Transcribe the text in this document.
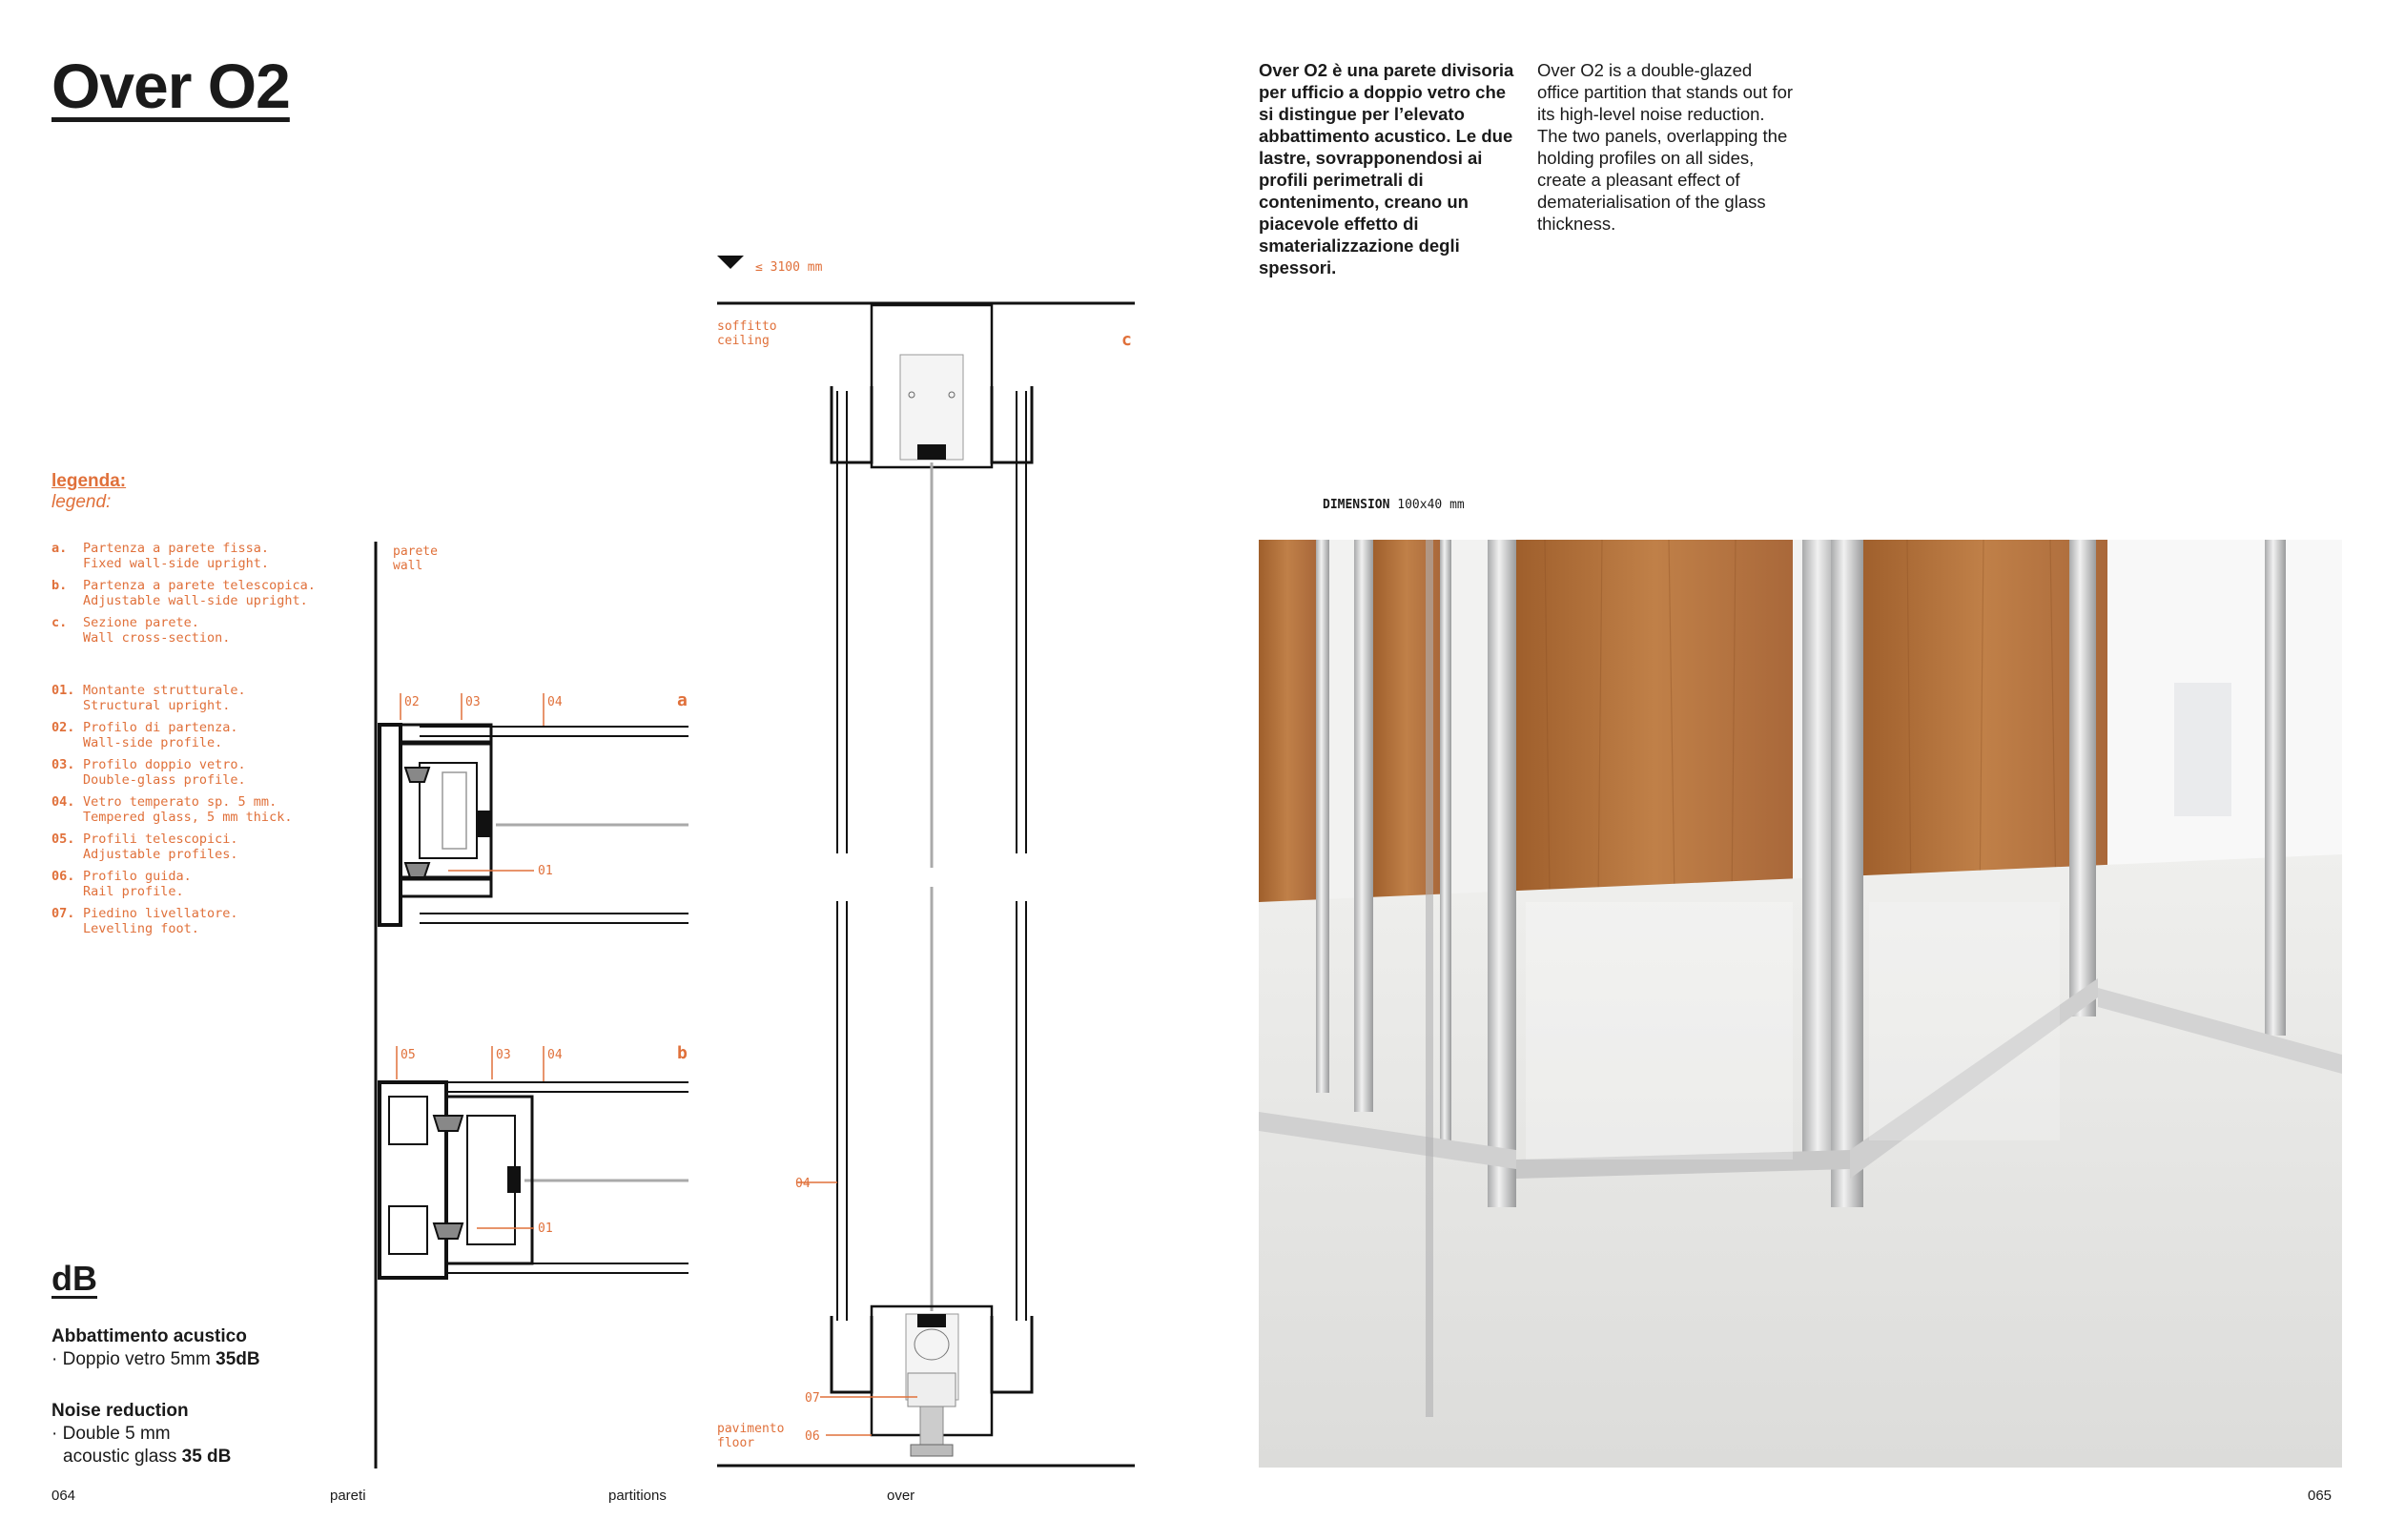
Over O2
legenda:
legend:
a.	Partenza a parete fissa.
Fixed wall-side upright.
b.	Partenza a parete telescopica.
Adjustable wall-side upright.
c.	Sezione parete.
Wall cross-section.
01. Montante strutturale.
Structural upright.
02. Profilo di partenza.
Wall-side profile.
03. Profilo doppio vetro.
Double-glass profile.
04. Vetro temperato sp. 5 mm.
Tempered glass, 5 mm thick.
05. Profili telescopici.
Adjustable profiles.
06. Profilo guida.
Rail profile.
07. Piedino livellatore.
Levelling foot.
dB
Abbattimento acustico
· Doppio vetro 5mm 35dB
Noise reduction
· Double 5 mm
acoustic glass 35 dB
parete
wall
a
02	03	04
01
b
05	03	04
01
≤ 3100 mm
soffitto
ceiling	c
04
07
06
pavimento
floor
DIMENSION 100x40 mm
Over O2 è una parete divisoria per ufficio a doppio vetro che si distingue per l’elevato abbattimento acustico. Le due lastre, sovrapponendosi ai profili perimetrali di contenimento, creano un piacevole effetto di smaterializzazione degli spessori.
Over O2 is a double-glazed office partition that stands out for its high-level noise reduction. The two panels, overlapping the holding profiles on all sides, create a pleasant effect of dematerialisation of the glass thickness.
064	pareti	partitions	over	065
